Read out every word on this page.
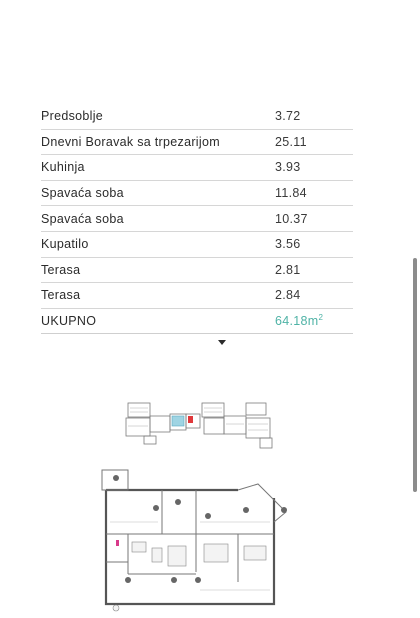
Predsoblje	3.72
Dnevni Boravak sa trpezarijom	25.11
Kuhinja	3.93
Spavaća soba	11.84
Spavaća soba	10.37
Kupatilo	3.56
Terasa	2.81
Terasa	2.84
UKUPNO	$64.18m^2$
